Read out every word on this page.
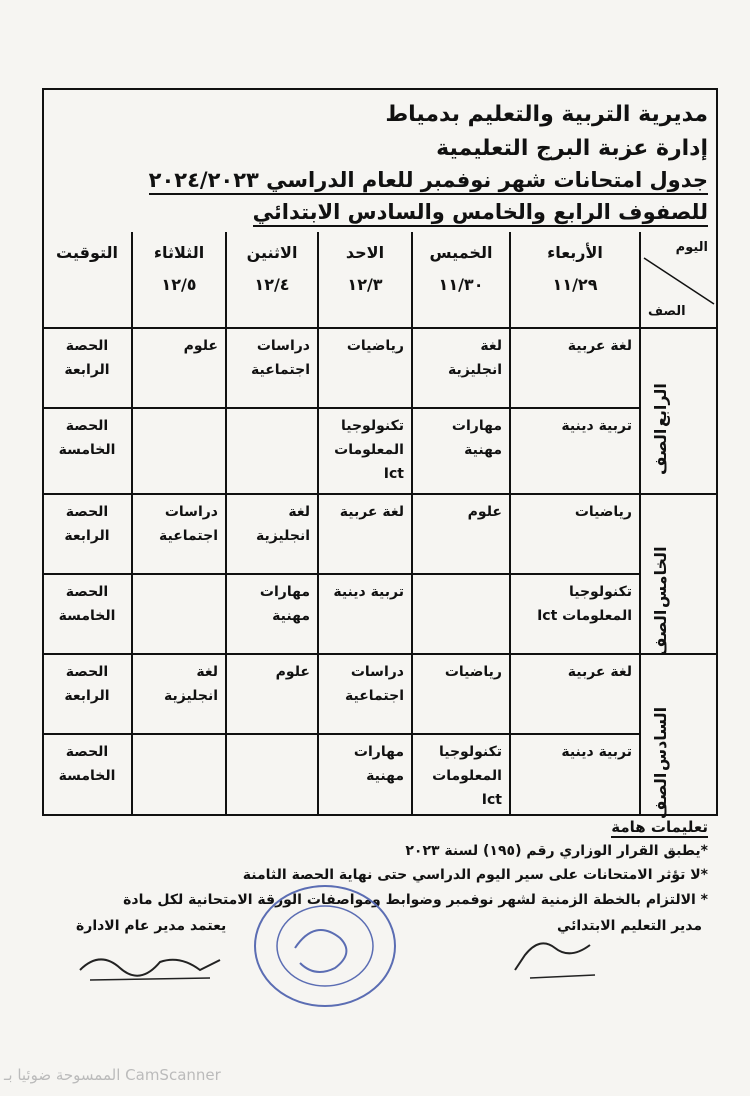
مديرية التربية والتعليم بدمياط
إدارة عزبة البرج التعليمية
جدول امتحانات شهر نوفمبر للعام الدراسي ٢٠٢٤/٢٠٢٣
للصفوف الرابع والخامس والسادس الابتدائي
اليوم
الصف
الأربعاء
١١/٢٩
الخميس
١١/٣٠
الاحد
١٢/٣
الاثنين
١٢/٤
الثلاثاء
١٢/٥
التوقيت
الرابع
الصف
لغة عربية
لغة
انجليزية
رياضيات
دراسات
اجتماعية
علوم
الحصة
الرابعة
تربية دينية
مهارات
مهنية
تكنولوجيا
المعلومات
Ict
الحصة
الخامسة
الخامس
الصف
رياضيات
علوم
لغة عربية
لغة
انجليزية
دراسات
اجتماعية
الحصة
الرابعة
تكنولوجيا
المعلومات Ict
تربية دينية
مهارات
مهنية
الحصة
الخامسة
السادس
الصف
لغة عربية
رياضيات
دراسات
اجتماعية
علوم
لغة
انجليزية
الحصة
الرابعة
تربية دينية
تكنولوجيا
المعلومات
Ict
مهارات
مهنية
الحصة
الخامسة
تعليمات هامة
*يطبق القرار الوزاري رقم (١٩٥) لسنة ٢٠٢٣
*لا تؤثر الامتحانات على سير اليوم الدراسي حتى نهاية الحصة الثامنة
* الالتزام بالخطة الزمنية لشهر نوفمبر وضوابط ومواصفات الورقة الامتحانية لكل مادة
مدير التعليم الابتدائي
يعتمد مدير عام الادارة
الممسوحة ضوئيا بـ CamScanner
